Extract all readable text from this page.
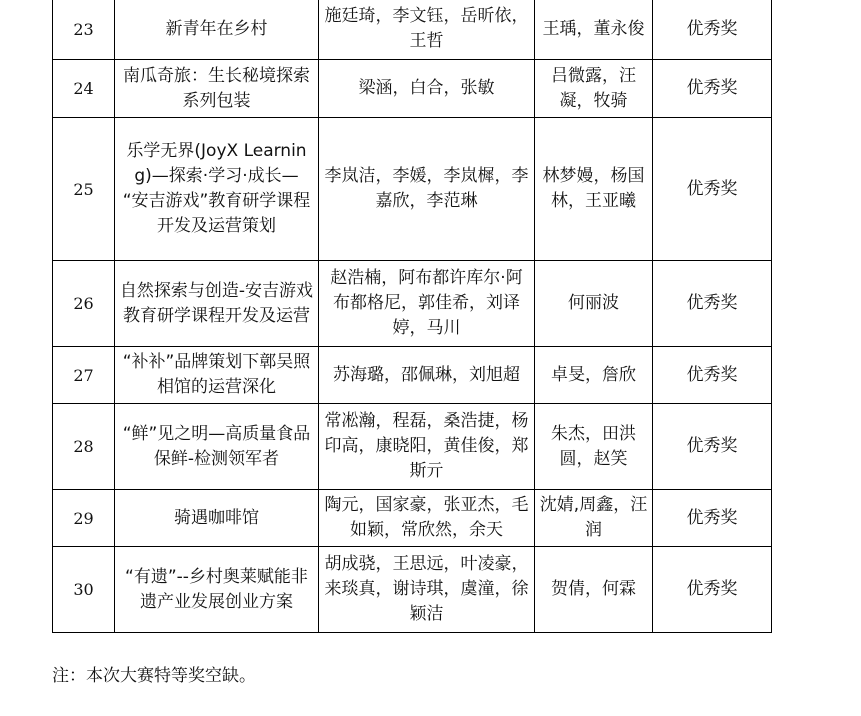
23	新青年在乡村	施廷琦，李文钰，岳昕依，王哲	王瑀，董永俊	优秀奖
24	南瓜奇旅：生长秘境探索系列包装	梁涵，白合，张敏	吕微露，汪凝，牧骑	优秀奖
25	乐学无界(JoyX Learning)—探索·学习·成长— “安吉游戏”教育研学课程开发及运营策划	李岚洁，李媛，李岚樨，李嘉欣，李范琳	林梦嫚，杨国林，王亚曦	优秀奖
26	自然探索与创造-安吉游戏教育研学课程开发及运营	赵浩楠，阿布都许库尔·阿布都格尼，郭佳希，刘译婷，马川	何丽波	优秀奖
27	“补补”品牌策划下鄣吴照相馆的运营深化	苏海璐，邵佩琳，刘旭超	卓旻，詹欣	优秀奖
28	“鲜”见之明—高质量食品保鲜-检测领军者	常凇瀚，程磊，桑浩捷，杨印高，康晓阳，黄佳俊，郑斯亓	朱杰，田洪圆，赵笑	优秀奖
29	骑遇咖啡馆	陶元，国家豪，张亚杰，毛如颖，常欣然，余天	沈婧,周鑫，汪润	优秀奖
30	“有遗”--乡村奥莱赋能非遗产业发展创业方案	胡成骁，王思远，叶凌豪，来琰真，谢诗琪，虞潼，徐颖洁	贺倩，何霖	优秀奖

注：本次大赛特等奖空缺。
